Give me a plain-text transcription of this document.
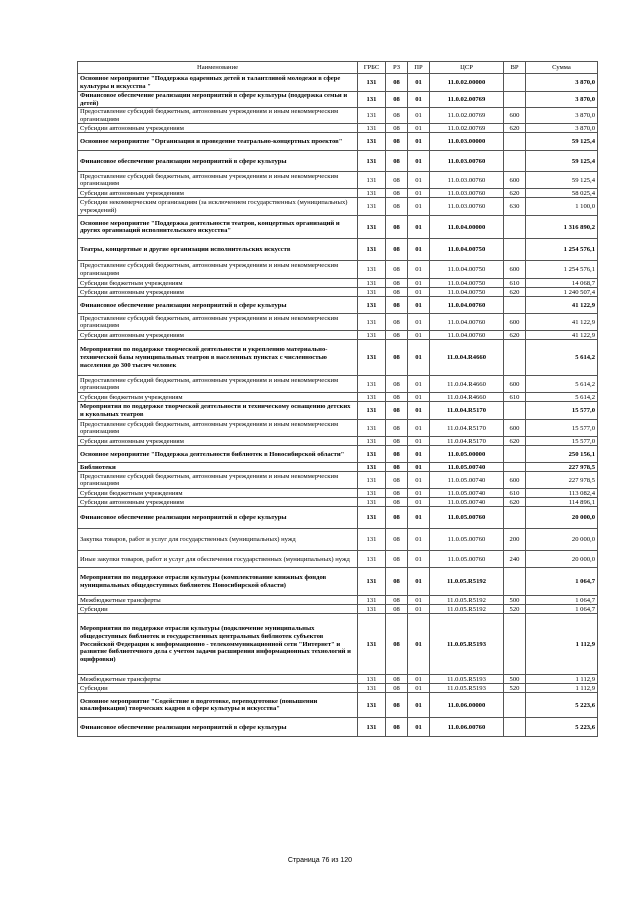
Наименование	ГРБС	РЗ	ПР	ЦСР	ВР	Сумма
Основное мероприятие "Поддержка одаренных детей и талантливой молодежи в сфере культуры и искусства "	131	08	01	11.0.02.00000		3 870,0
Финансовое обеспечение реализации мероприятий в сфере культуры (поддержка семьи и детей)	131	08	01	11.0.02.00769		3 870,0
Предоставление субсидий бюджетным, автономным учреждениям и иным некоммерческим организациям	131	08	01	11.0.02.00769	600	3 870,0
Субсидии автономным учреждениям	131	08	01	11.0.02.00769	620	3 870,0
Основное мероприятие "Организация и проведение театрально-концертных проектов"	131	08	01	11.0.03.00000		59 125,4
Финансовое обеспечение реализации мероприятий в сфере культуры	131	08	01	11.0.03.00760		59 125,4
Предоставление субсидий бюджетным, автономным учреждениям и иным некоммерческим организациям	131	08	01	11.0.03.00760	600	59 125,4
Субсидии автономным учреждениям	131	08	01	11.0.03.00760	620	58 025,4
Субсидии некоммерческим организациям (за исключением государственных (муниципальных) учреждений)	131	08	01	11.0.03.00760	630	1 100,0
Основное мероприятие "Поддержка деятельности театров, концертных организаций и других организаций исполнительского искусства"	131	08	01	11.0.04.00000		1 316 890,2
Театры, концертные и другие организации исполнительских искусств	131	08	01	11.0.04.00750		1 254 576,1
Предоставление субсидий бюджетным, автономным учреждениям и иным некоммерческим организациям	131	08	01	11.0.04.00750	600	1 254 576,1
Субсидии бюджетным учреждениям	131	08	01	11.0.04.00750	610	14 068,7
Субсидии автономным учреждениям	131	08	01	11.0.04.00750	620	1 240 507,4
Финансовое обеспечение реализации мероприятий в сфере культуры	131	08	01	11.0.04.00760		41 122,9
Предоставление субсидий бюджетным, автономным учреждениям и иным некоммерческим организациям	131	08	01	11.0.04.00760	600	41 122,9
Субсидии автономным учреждениям	131	08	01	11.0.04.00760	620	41 122,9
Мероприятия по поддержке творческой деятельности и укреплению материально-технической базы муниципальных театров в населенных пунктах с численностью населения до 300 тысяч человек	131	08	01	11.0.04.R4660		5 614,2
Предоставление субсидий бюджетным, автономным учреждениям и иным некоммерческим организациям	131	08	01	11.0.04.R4660	600	5 614,2
Субсидии бюджетным учреждениям	131	08	01	11.0.04.R4660	610	5 614,2
Мероприятия по поддержке творческой деятельности и техническому оснащению детских и кукольных театров	131	08	01	11.0.04.R5170		15 577,0
Предоставление субсидий бюджетным, автономным учреждениям и иным некоммерческим организациям	131	08	01	11.0.04.R5170	600	15 577,0
Субсидии автономным учреждениям	131	08	01	11.0.04.R5170	620	15 577,0
Основное мероприятие "Поддержка деятельности библиотек в Новосибирской области"	131	08	01	11.0.05.00000		250 156,1
Библиотеки	131	08	01	11.0.05.00740		227 978,5
Предоставление субсидий бюджетным, автономным учреждениям и иным некоммерческим организациям	131	08	01	11.0.05.00740	600	227 978,5
Субсидии бюджетным учреждениям	131	08	01	11.0.05.00740	610	113 082,4
Субсидии автономным учреждениям	131	08	01	11.0.05.00740	620	114 896,1
Финансовое обеспечение реализации мероприятий в сфере культуры	131	08	01	11.0.05.00760		20 000,0
Закупка товаров, работ и услуг для государственных (муниципальных) нужд	131	08	01	11.0.05.00760	200	20 000,0
Иные закупки товаров, работ и услуг для обеспечения государственных (муниципальных) нужд	131	08	01	11.0.05.00760	240	20 000,0
Мероприятия по поддержке отрасли культуры (комплектование книжных фондов муниципальных общедоступных библиотек Новосибирской области)	131	08	01	11.0.05.R5192		1 064,7
Межбюджетные трансферты	131	08	01	11.0.05.R5192	500	1 064,7
Субсидии	131	08	01	11.0.05.R5192	520	1 064,7
Мероприятия по поддержке отрасли культуры (подключение муниципальных общедоступных библиотек и государственных центральных библиотек субъектов Российской Федерации к информационно - телекоммуникационной сети "Интернет" и развитие библиотечного дела с учетом задачи расширения информационных технологий и оцифровки)	131	08	01	11.0.05.R5193		1 112,9
Межбюджетные трансферты	131	08	01	11.0.05.R5193	500	1 112,9
Субсидии	131	08	01	11.0.05.R5193	520	1 112,9
Основное мероприятие "Содействие в подготовке, переподготовке (повышении квалификации) творческих кадров в сфере культуры и искусства"	131	08	01	11.0.06.00000		5 223,6
Финансовое обеспечение реализации мероприятий в сфере культуры	131	08	01	11.0.06.00760		5 223,6
Страница 76 из 120
